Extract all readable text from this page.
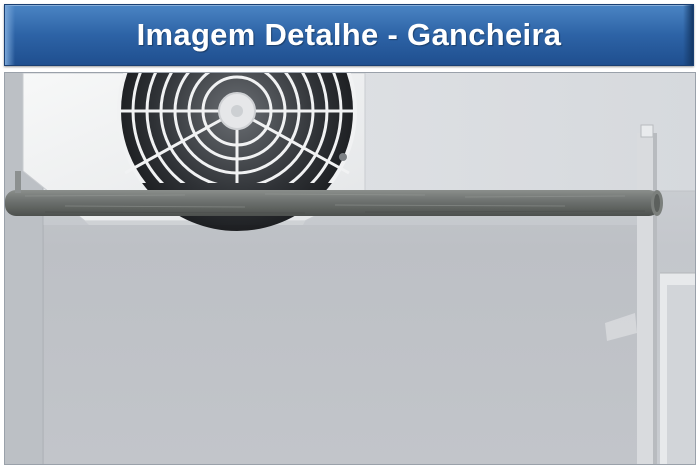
Imagem Detalhe - Gancheira
